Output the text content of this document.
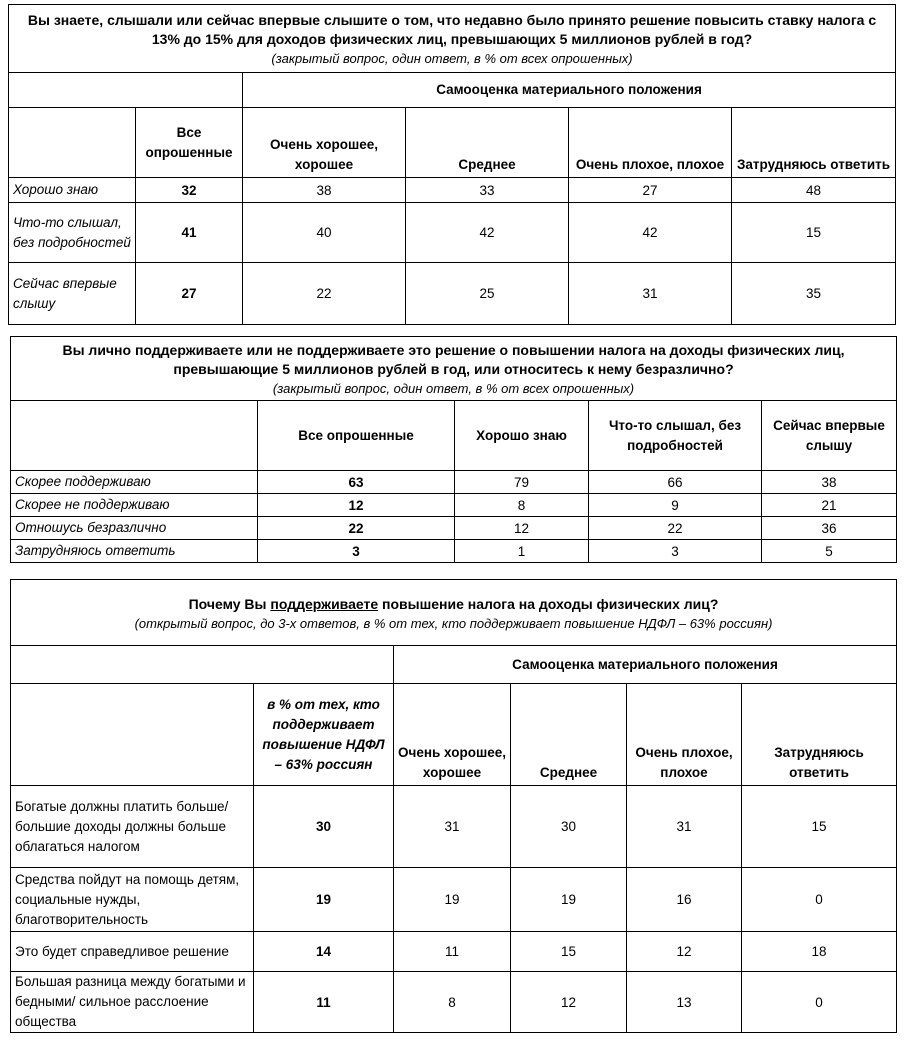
Вы знаете, слышали или сейчас впервые слышите о том, что недавно было принято решение повысить ставку налога с 13% до 15% для доходов физических лиц, превышающих 5 миллионов рублей в год?
(закрытый вопрос, один ответ, в % от всех опрошенных)					

		Самооценка материального положения			
	Все опрошенные	Очень хорошее, хорошее	Среднее	Очень плохое, плохое	Затрудняюсь ответить
Хорошо знаю	32	38	33	27	48
Что-то слышал, без подробностей	41	40	42	42	15
Сейчас впервые слышу	27	22	25	31	35
Вы лично поддерживаете или не поддерживаете это решение о повышении налога на доходы физических лиц, превышающие 5 миллионов рублей в год, или относитесь к нему безразлично?
(закрытый вопрос, один ответ, в % от всех опрошенных)				

	Все опрошенные	Хорошо знаю	Что-то слышал, без подробностей	Сейчас впервые слышу
Скорее поддерживаю	63	79	66	38
Скорее не поддерживаю	12	8	9	21
Отношусь безразлично	22	12	22	36
Затрудняюсь ответить	3	1	3	5
Почему Вы поддерживаете повышение налога на доходы физических лиц?
(открытый вопрос, до 3-х ответов, в % от тех, кто поддерживает повышение НДФЛ – 63% россиян)					

		Самооценка материального положения			
	в % от тех, кто поддерживает повышение НДФЛ – 63% россиян	Очень хорошее, хорошее	Среднее	Очень плохое, плохое	Затрудняюсь ответить
Богатые должны платить больше/ большие доходы должны больше облагаться налогом	30	31	30	31	15
Средства пойдут на помощь детям, социальные нужды, благотворительность	19	19	19	16	0
Это будет справедливое решение	14	11	15	12	18
Большая разница между богатыми и бедными/ сильное расслоение общества	11	8	12	13	0
